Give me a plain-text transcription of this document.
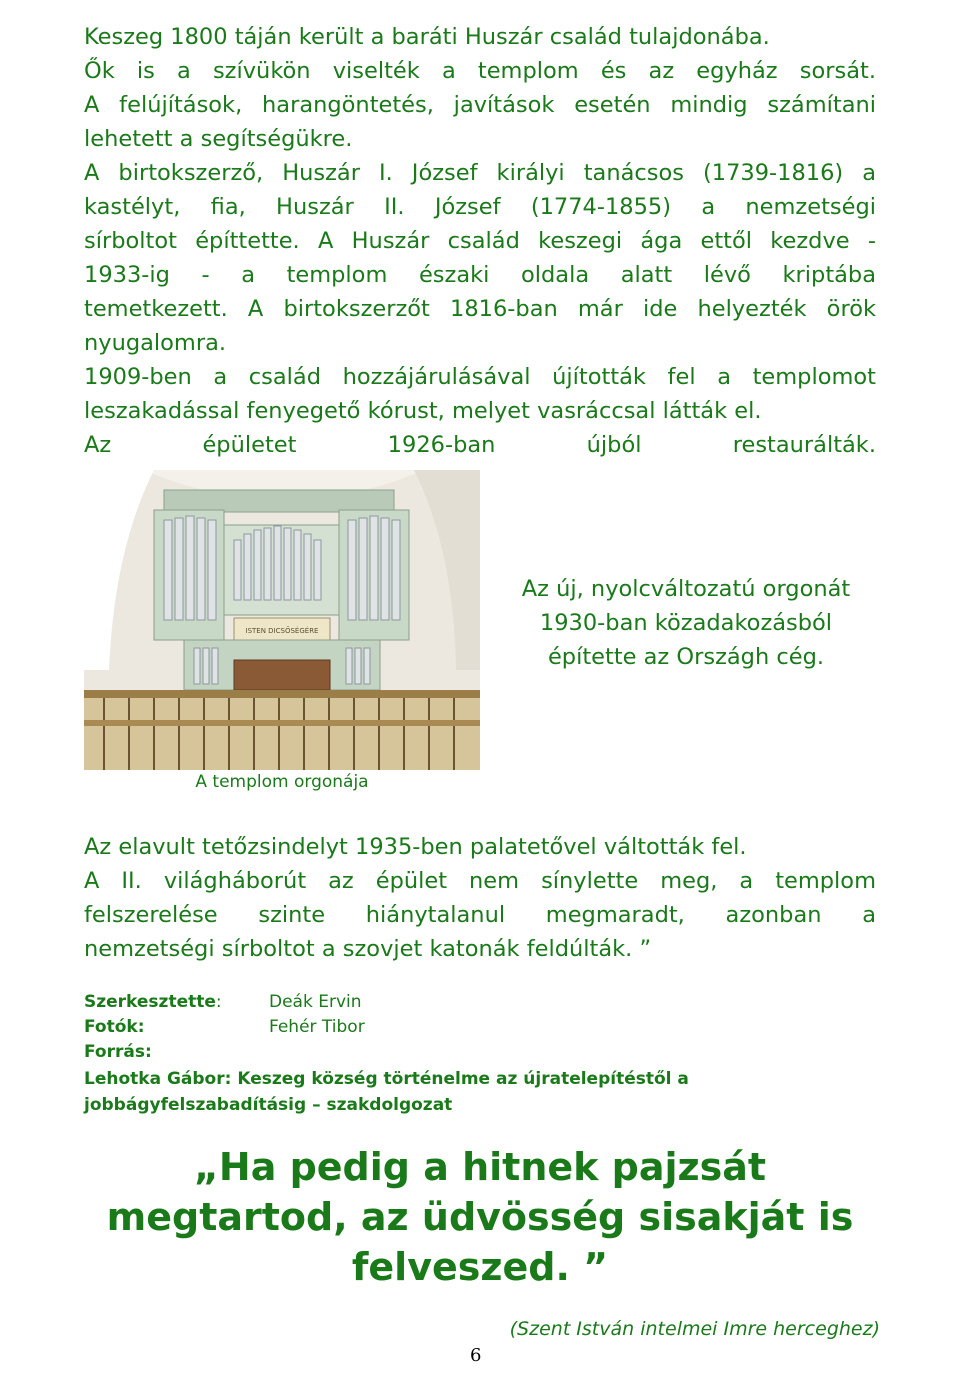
Keszeg 1800 táján került a baráti Huszár család tulajdonába.
Ők is a szívükön viselték a templom és az egyház sorsát.
A felújítások, harangöntetés, javítások esetén mindig számítani
lehetett a segítségükre.
A birtokszerző, Huszár I. József királyi tanácsos (1739-1816) a
kastélyt, fia, Huszár II. József (1774-1855) a nemzetségi
sírboltot építtette. A Huszár család keszegi ága ettől kezdve -
1933-ig - a templom északi oldala alatt lévő kriptába
temetkezett. A birtokszerzőt 1816-ban már ide helyezték örök
nyugalomra.
1909-ben a család hozzájárulásával újították fel a templomot
leszakadással fenyegető kórust, melyet vasráccsal látták el.
Az épületet 1926-ban újból restaurálták.
ISTEN DICSŐSÉGÉRE
Az új, nyolcváltozatú orgonát
1930-ban közadakozásból
építette az Országh cég.
A templom orgonája
Az elavult tetőzsindelyt 1935-ben palatetővel váltották fel.
A II. világháborút az épület nem sínylette meg, a templom
felszerelése szinte hiánytalanul megmaradt, azonban a
nemzetségi sírboltot a szovjet katonák feldúlták. ”
Szerkesztette:	Deák Ervin
Fotók:	Fehér Tibor
Forrás:
Lehotka Gábor: Keszeg község történelme az újratelepítéstől a
jobbágyfelszabadításig – szakdolgozat
„Ha pedig a hitnek pajzsát
megtartod, az üdvösség sisakját is
felveszed. ”
(Szent István intelmei Imre herceghez)
6
